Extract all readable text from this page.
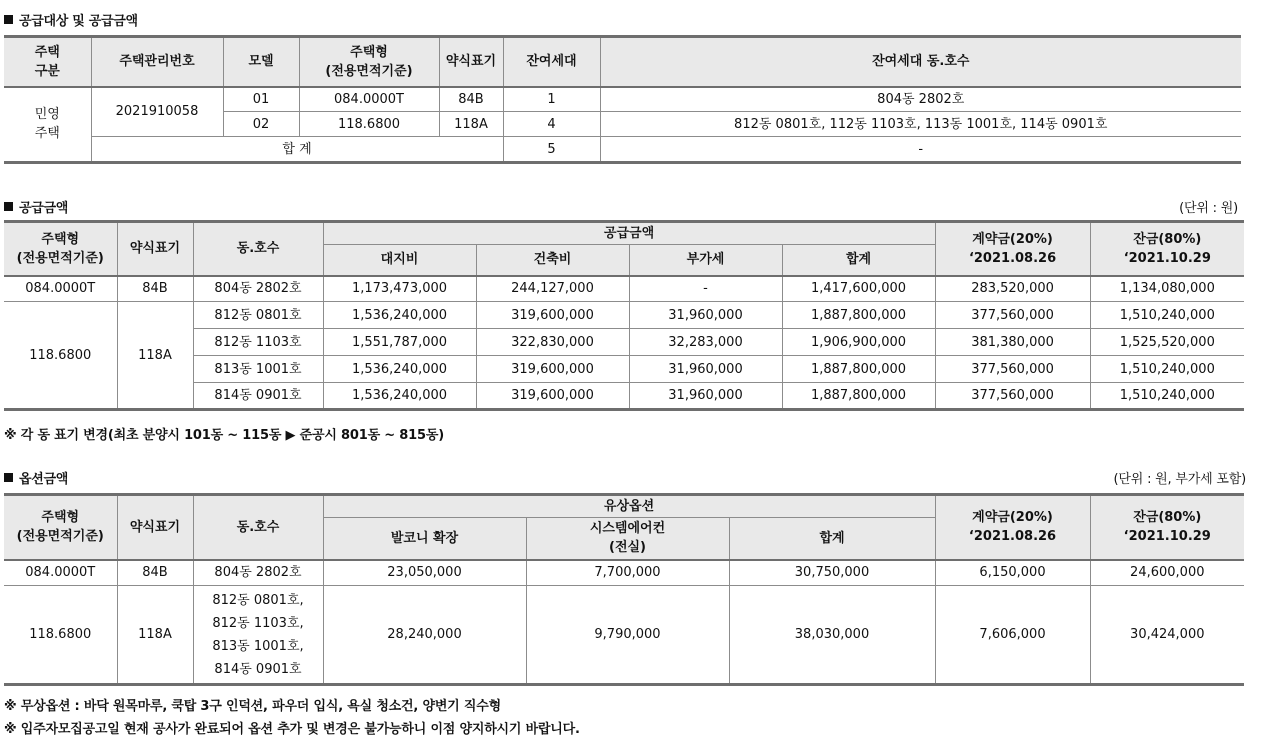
공급대상 및 공급금액
주택
구분	주택관리번호	모델	주택형
(전용면적기준)	약식표기	잔여세대	잔여세대 동.호수
민영
주택	2021910058	01	084.0000T	84B	1	804동 2802호
		02	118.6800	118A	4	812동 0801호, 112동 1103호, 113동 1001호, 114동 0901호
	합 계				5	-
공급금액	(단위 : 원)
주택형
(전용면적기준)	약식표기	동.호수	공급금액				계약금(20%)
‘2021.08.26	잔금(80%)
‘2021.10.29
			대지비	건축비	부가세	합계		
084.0000T	84B	804동 2802호	1,173,473,000	244,127,000	-	1,417,600,000	283,520,000	1,134,080,000
118.6800	118A	812동 0801호	1,536,240,000	319,600,000	31,960,000	1,887,800,000	377,560,000	1,510,240,000
		812동 1103호	1,551,787,000	322,830,000	32,283,000	1,906,900,000	381,380,000	1,525,520,000
		813동 1001호	1,536,240,000	319,600,000	31,960,000	1,887,800,000	377,560,000	1,510,240,000
		814동 0901호	1,536,240,000	319,600,000	31,960,000	1,887,800,000	377,560,000	1,510,240,000
※ 각 동 표기 변경(최초 분양시 101동 ~ 115동 ▶ 준공시 801동 ~ 815동)
옵션금액	(단위 : 원, 부가세 포함)
주택형
(전용면적기준)	약식표기	동.호수	유상옵션			계약금(20%)
‘2021.08.26	잔금(80%)
‘2021.10.29
			발코니 확장	시스템에어컨
(전실)	합계		
084.0000T	84B	804동 2802호	23,050,000	7,700,000	30,750,000	6,150,000	24,600,000
118.6800	118A	812동 0801호,
812동 1103호,
813동 1001호,
814동 0901호	28,240,000	9,790,000	38,030,000	7,606,000	30,424,000
※ 무상옵션 : 바닥 원목마루, 쿡탑 3구 인덕션, 파우더 입식, 욕실 청소건, 양변기 직수형
※ 입주자모집공고일 현재 공사가 완료되어 옵션 추가 및 변경은 불가능하니 이점 양지하시기 바랍니다.
